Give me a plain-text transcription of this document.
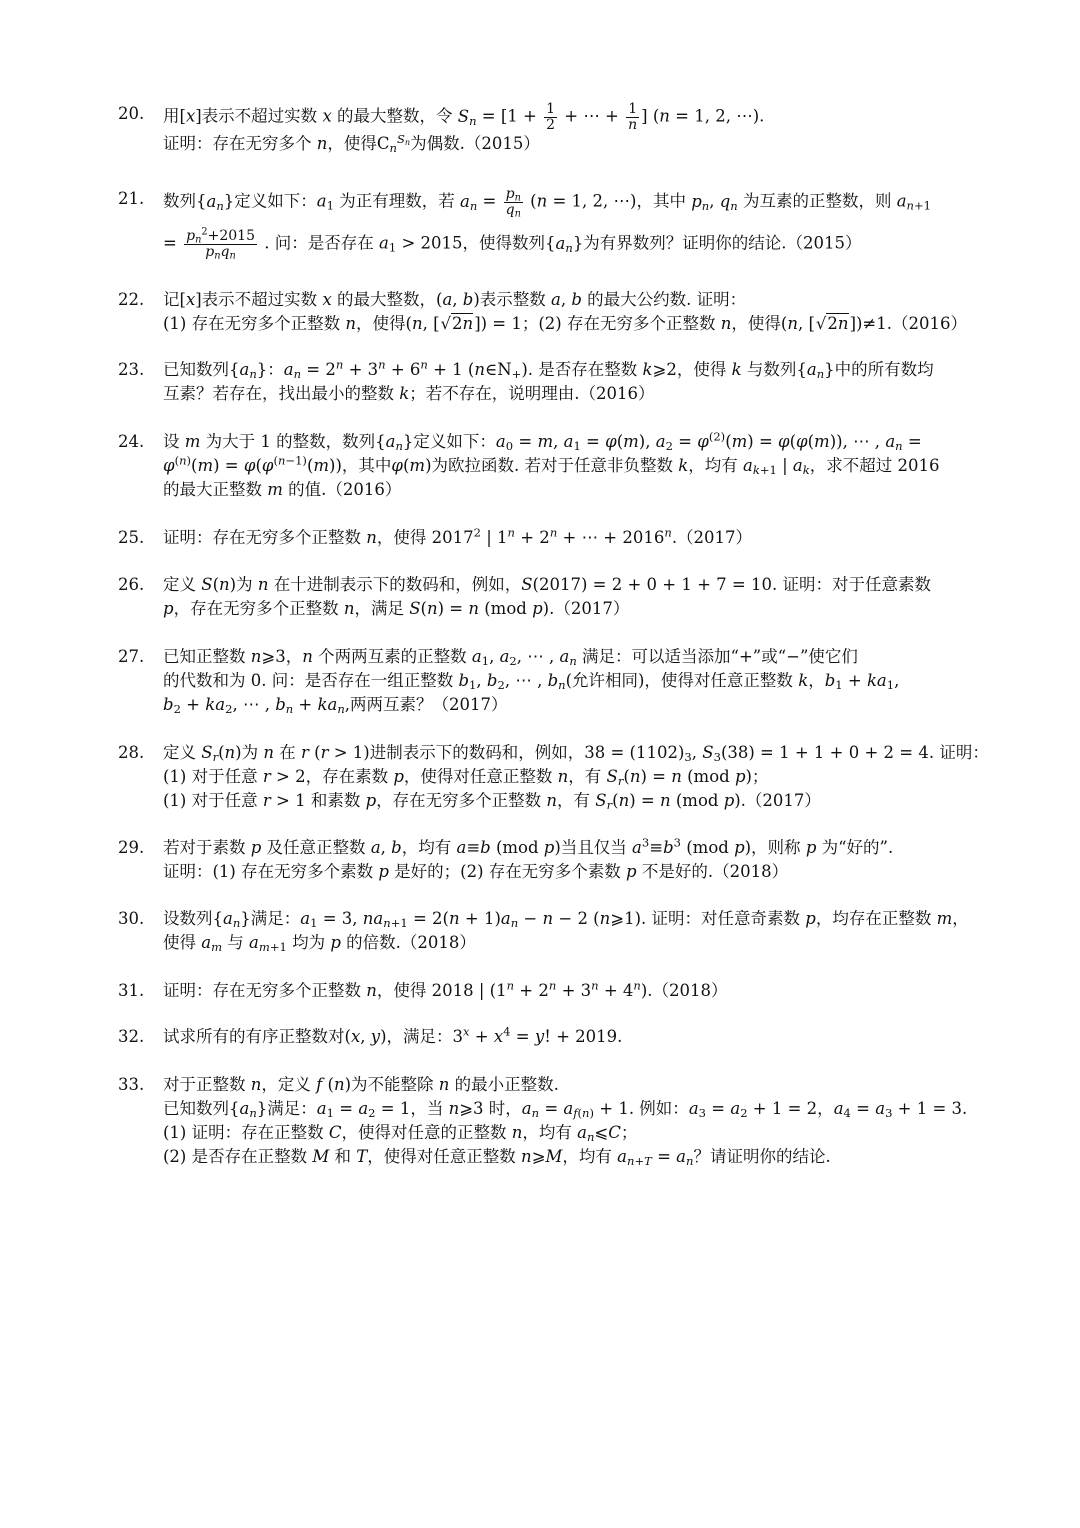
20.	用[x]表示不超过实数 x 的最大整数，令 $S_n = [1 + \frac{1}{2}$ + ⋯ + $\frac{1}{n}$ ] (n = 1, 2, ⋯).
证明：存在无穷多个 n，使得$C_n^{S_n}$为偶数.（2015）
21.	数列$\{a_n\}$定义如下：$a_1$ 为正有理数，若 $a_n = \frac{p_n}{q_n} (n = 1$, 2, ⋯)，其中 $p_n$, $q_n$ 为互素的正整数，则 $a_{n+1}$
= $\frac{p_n^2+2015}{p_nq_n}$ . 问：是否存在 $a_1 > 2015$，使得数列$\{a_n\}$为有界数列？证明你的结论.（2015）
22.	记[x]表示不超过实数 x 的最大整数，(a, b)表示整数 a, b 的最大公约数. 证明：
(1) 存在无穷多个正整数 n，使得(n, [√2n]) = 1；(2) 存在无穷多个正整数 n，使得(n, [√2n])≠1.（2016）
23.	已知数列$\{a_n\}$：$a_n = 2^n + 3^n + 6^n + 1$ $(n\in N_+)$. 是否存在整数 k⩾2，使得 k 与数列$\{a_n\}$中的所有数均
互素？若存在，找出最小的整数 k；若不存在，说明理由.（2016）
24.	设 m 为大于 1 的整数，数列$\{a_n\}$定义如下：$a_0 = m$, $a_1 = \varphi(m)$, $a_2 = \varphi^{(2)}(m) = \varphi(\varphi(m))$, ⋯ , $a_n$ =
$\varphi^{(n)}(m) = \varphi(\varphi^{(n-1)}(m))$，其中φ(m)为欧拉函数. 若对于任意非负整数 k，均有 $a_{k+1}$ | $a_k$，求不超过 2016
的最大正整数 m 的值.（2016）
25.	证明：存在无穷多个正整数 n，使得 2017$^2$ | $1^n + 2^n$ + ⋯ + $2016^n.(2017)$
26.	定义 S(n)为 n 在十进制表示下的数码和，例如，S(2017) = 2 + 0 + 1 + 7 = 10. 证明：对于任意素数
p，存在无穷多个正整数 n，满足 S(n) = n (mod p).（2017）
27.	已知正整数 n⩾3，n 个两两互素的正整数 $a_1$, $a_2$, ⋯ , $a_n$ 满足：可以适当添加“+”或“−”使它们
的代数和为 0. 问：是否存在一组正整数 $b_1$, $b_2$, ⋯ , $b_n$(允许相同)，使得对任意正整数 k，$b_1 + ka_1$,
$b_2 + ka_2$, ⋯ , $b_n + ka_n$,两两互素？（2017）
28.	定义 $S_r(n)$为 n 在 r (r > 1)进制表示下的数码和，例如，$38 = (1102)_3$, $S_3(38) = 1 + 1 + 0 + 2 = 4$. 证明：
(1) 对于任意 r > 2，存在素数 p，使得对任意正整数 n，有 $S_r(n) = n$ (mod p)；
(1) 对于任意 r > 1 和素数 p，存在无穷多个正整数 n，有 $S_r(n) = n$ (mod p).（2017）
29.	若对于素数 p 及任意正整数 a, b，均有 a≡b (mod p)当且仅当 $a^3\equiv b^3$ (mod p)，则称 p 为“好的”.
证明：(1) 存在无穷多个素数 p 是好的；(2) 存在无穷多个素数 p 不是好的.（2018）
30.	设数列$\{a_n\}$满足：$a_1 = 3$, $na_{n+1} = 2(n + 1)a_n - n - 2$ (n⩾1). 证明：对任意奇素数 p，均存在正整数 m，
使得 $a_m$ 与 $a_{m+1}$ 均为 p 的倍数.（2018）
31.	证明：存在无穷多个正整数 n，使得 2018 | $(1^n + 2^n + 3^n + 4^n).(2018)$
32.	试求所有的有序正整数对(x, y)，满足：$3^x + x^4 = y$! + 2019.
33.	对于正整数 n，定义 f (n)为不能整除 n 的最小正整数.
已知数列$\{a_n\}$满足：$a_1 = a_2 = 1$，当 n⩾3 时，$a_n = a_{f(n)} + 1$. 例如：$a_3 = a_2 + 1 = 2$，$a_4 = a_3 + 1 = 3$.
(1) 证明：存在正整数 C，使得对任意的正整数 n，均有 $a_n⩽C$；
(2) 是否存在正整数 M 和 T，使得对任意正整数 n⩾M，均有 $a_{n+T} = a_n$？请证明你的结论.
